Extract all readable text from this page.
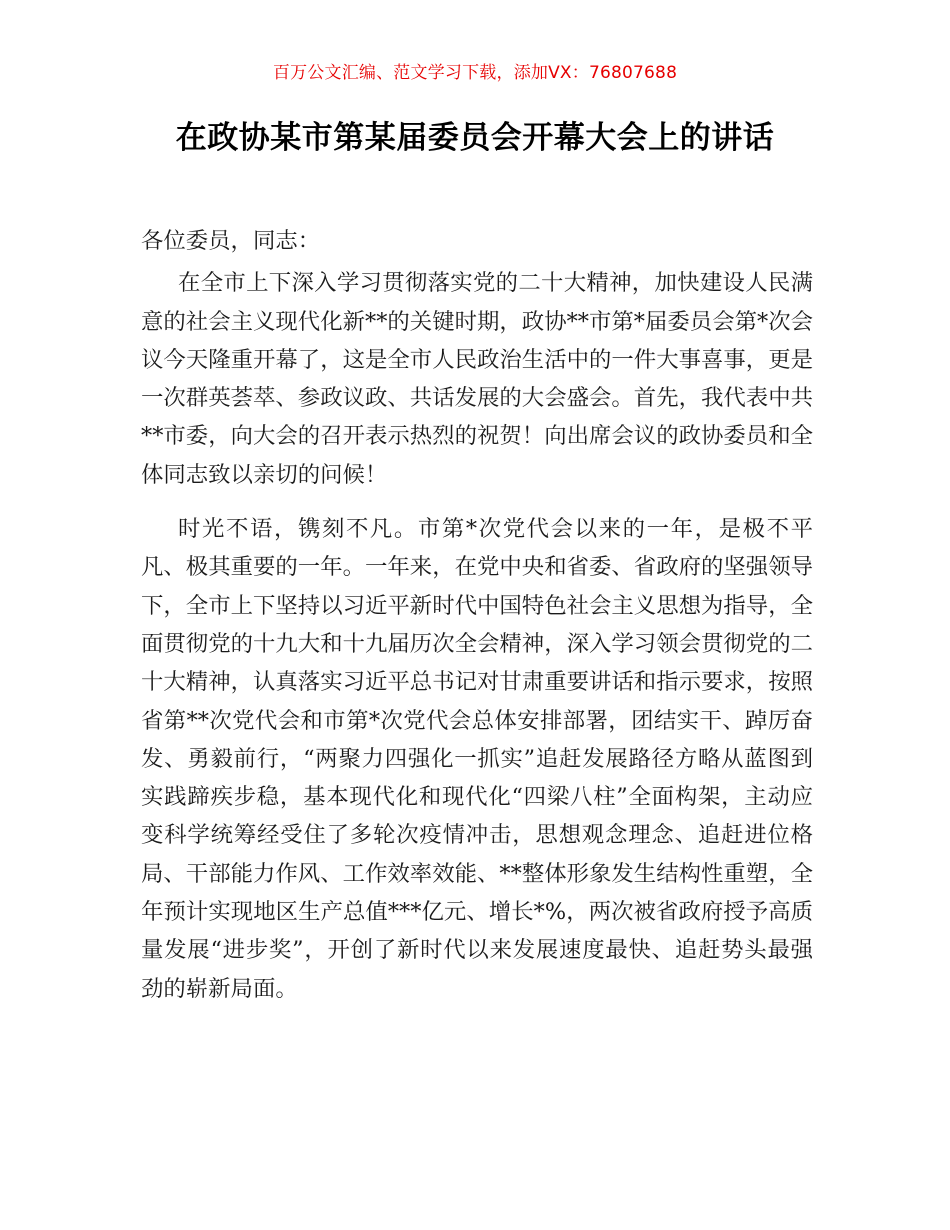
百万公文汇编、范文学习下载，添加VX：76807688
在政协某市第某届委员会开幕大会上的讲话

各位委员，同志：

在全市上下深入学习贯彻落实党的二十大精神，加快建设人民满意的社会主义现代化新**的关键时期，政协**市第*届委员会第*次会议今天隆重开幕了，这是全市人民政治生活中的一件大事喜事，更是一次群英荟萃、参政议政、共话发展的大会盛会。首先，我代表中共**市委，向大会的召开表示热烈的祝贺！向出席会议的政协委员和全体同志致以亲切的问候！

时光不语，镌刻不凡。市第*次党代会以来的一年，是极不平凡、极其重要的一年。一年来，在党中央和省委、省政府的坚强领导下，全市上下坚持以习近平新时代中国特色社会主义思想为指导，全面贯彻党的十九大和十九届历次全会精神，深入学习领会贯彻党的二十大精神，认真落实习近平总书记对甘肃重要讲话和指示要求，按照省第**次党代会和市第*次党代会总体安排部署，团结实干、踔厉奋发、勇毅前行，“两聚力四强化一抓实”追赶发展路径方略从蓝图到实践蹄疾步稳，基本现代化和现代化“四梁八柱”全面构架，主动应变科学统筹经受住了多轮次疫情冲击，思想观念理念、追赶进位格局、干部能力作风、工作效率效能、**整体形象发生结构性重塑，全年预计实现地区生产总值***亿元、增长*%，两次被省政府授予高质量发展“进步奖”，开创了新时代以来发展速度最快、追赶势头最强劲的崭新局面。
